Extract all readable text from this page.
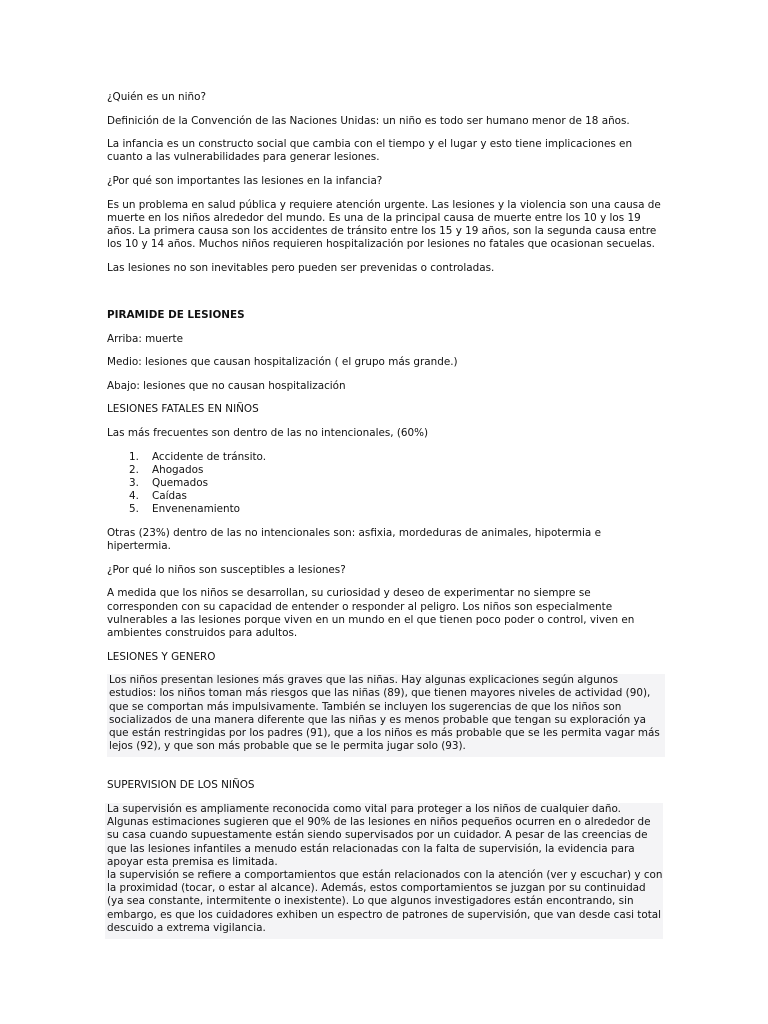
¿Quién es un niño?

Definición de la Convención de las Naciones Unidas: un niño es todo ser humano menor de 18 años.

La infancia es un constructo social que cambia con el tiempo y el lugar y esto tiene implicaciones en cuanto a las vulnerabilidades para generar lesiones.

¿Por qué son importantes las lesiones en la infancia?

Es un problema en salud pública y requiere atención urgente. Las lesiones y la violencia son una causa de muerte en los niños alrededor del mundo. Es una de la principal causa de muerte entre los 10 y los 19 años. La primera causa son los accidentes de tránsito entre los 15 y 19 años, son la segunda causa entre los 10 y 14 años. Muchos niños requieren hospitalización por lesiones no fatales que ocasionan secuelas.

Las lesiones no son inevitables pero pueden ser prevenidas o controladas.

PIRAMIDE DE LESIONES

Arriba: muerte

Medio: lesiones que causan hospitalización ( el grupo más grande.)

Abajo: lesiones que no causan hospitalización

LESIONES FATALES EN NIÑOS

Las más frecuentes son dentro de las no intencionales, (60%)

1. Accidente de tránsito.
2. Ahogados
3. Quemados
4. Caídas
5. Envenenamiento

Otras (23%) dentro de las no intencionales son: asfixia, mordeduras de animales, hipotermia e hipertermia.

¿Por qué lo niños son susceptibles a lesiones?

A medida que los niños se desarrollan, su curiosidad y deseo de experimentar no siempre se corresponden con su capacidad de entender o responder al peligro. Los niños son especialmente vulnerables a las lesiones porque viven en un mundo en el que tienen poco poder o control, viven en ambientes construidos para adultos.

LESIONES Y GENERO

Los niños presentan lesiones más graves que las niñas. Hay algunas explicaciones según algunos estudios: los niños toman más riesgos que las niñas (89), que tienen mayores niveles de actividad (90), que se comportan más impulsivamente. También se incluyen los sugerencias de que los niños son socializados de una manera diferente que las niñas y es menos probable que tengan su exploración ya que están restringidas por los padres (91), que a los niños es más probable que se les permita vagar más lejos (92), y que son más probable que se le permita jugar solo (93).

SUPERVISION DE LOS NIÑOS

La supervisión es ampliamente reconocida como vital para proteger a los niños de cualquier daño. Algunas estimaciones sugieren que el 90% de las lesiones en niños pequeños ocurren en o alrededor de su casa cuando supuestamente están siendo supervisados por un cuidador. A pesar de las creencias de que las lesiones infantiles a menudo están relacionadas con la falta de supervisión, la evidencia para apoyar esta premisa es limitada.

la supervisión se refiere a comportamientos que están relacionados con la atención (ver y escuchar) y con la proximidad (tocar, o estar al alcance). Además, estos comportamientos se juzgan por su continuidad (ya sea constante, intermitente o inexistente). Lo que algunos investigadores están encontrando, sin embargo, es que los cuidadores exhiben un espectro de patrones de supervisión, que van desde casi total descuido a extrema vigilancia.
